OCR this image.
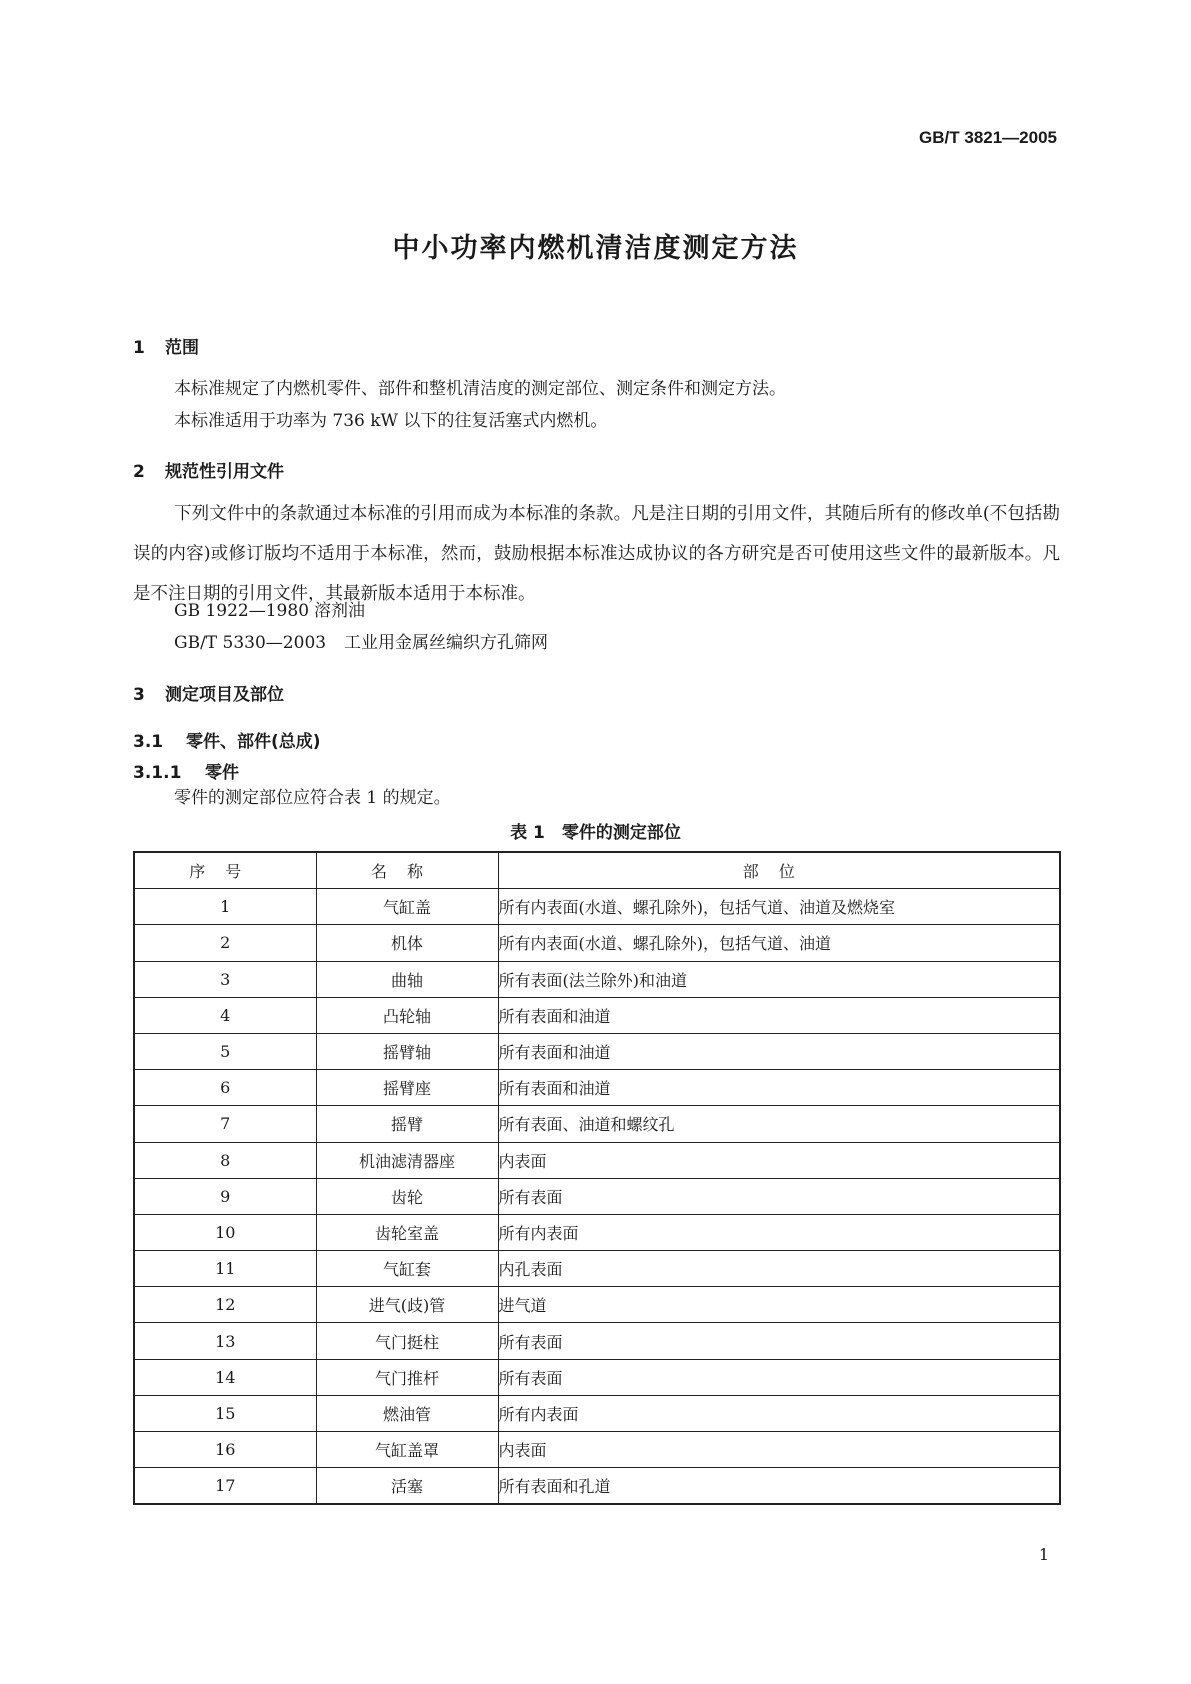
GB/T 3821—2005
中小功率内燃机清洁度测定方法
1 范围
本标准规定了内燃机零件、部件和整机清洁度的测定部位、测定条件和测定方法。
本标准适用于功率为 736 kW 以下的往复活塞式内燃机。
2 规范性引用文件
下列文件中的条款通过本标准的引用而成为本标准的条款。凡是注日期的引用文件，其随后所有的修改单(不包括勘误的内容)或修订版均不适用于本标准，然而，鼓励根据本标准达成协议的各方研究是否可使用这些文件的最新版本。凡是不注日期的引用文件，其最新版本适用于本标准。
GB 1922—1980 溶剂油
GB/T 5330—2003 工业用金属丝编织方孔筛网
3 测定项目及部位
3.1 零件、部件(总成)
3.1.1 零件
零件的测定部位应符合表 1 的规定。
表 1　零件的测定部位
序号	名称	部位
1	气缸盖	所有内表面(水道、螺孔除外)，包括气道、油道及燃烧室
2	机体	所有内表面(水道、螺孔除外)，包括气道、油道
3	曲轴	所有表面(法兰除外)和油道
4	凸轮轴	所有表面和油道
5	摇臂轴	所有表面和油道
6	摇臂座	所有表面和油道
7	摇臂	所有表面、油道和螺纹孔
8	机油滤清器座	内表面
9	齿轮	所有表面
10	齿轮室盖	所有内表面
11	气缸套	内孔表面
12	进气(歧)管	进气道
13	气门挺柱	所有表面
14	气门推杆	所有表面
15	燃油管	所有内表面
16	气缸盖罩	内表面
17	活塞	所有表面和孔道
1
